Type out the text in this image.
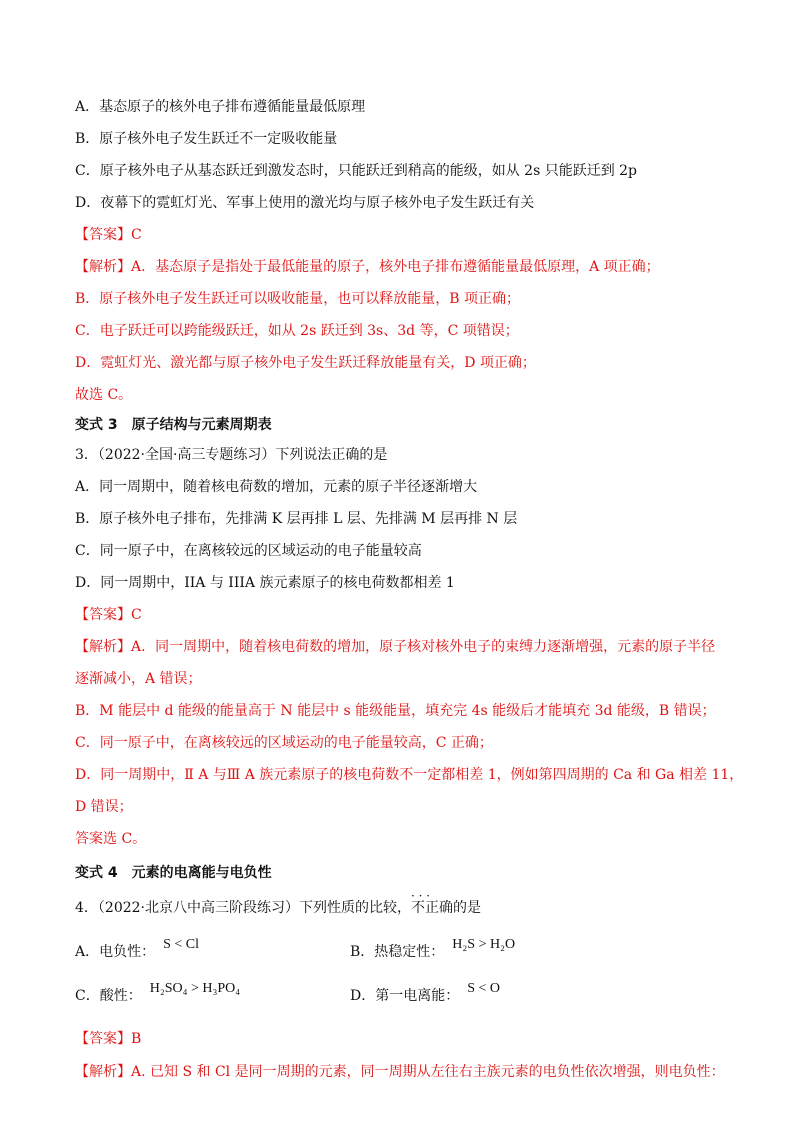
A．基态原子的核外电子排布遵循能量最低原理
B．原子核外电子发生跃迁不一定吸收能量
C．原子核外电子从基态跃迁到激发态时，只能跃迁到稍高的能级，如从 2s 只能跃迁到 2p
D．夜幕下的霓虹灯光、军事上使用的激光均与原子核外电子发生跃迁有关
【答案】C
【解析】A．基态原子是指处于最低能量的原子，核外电子排布遵循能量最低原理，A 项正确；
B．原子核外电子发生跃迁可以吸收能量，也可以释放能量，B 项正确；
C．电子跃迁可以跨能级跃迁，如从 2s 跃迁到 3s、3d 等，C 项错误；
D．霓虹灯光、激光都与原子核外电子发生跃迁释放能量有关，D 项正确；
故选 C。
变式 3　原子结构与元素周期表
3．（2022·全国·高三专题练习）下列说法正确的是
A．同一周期中，随着核电荷数的增加，元素的原子半径逐渐增大
B．原子核外电子排布，先排满 K 层再排 L 层、先排满 M 层再排 N 层
C．同一原子中，在离核较远的区域运动的电子能量较高
D．同一周期中，IIA 与 IIIA 族元素原子的核电荷数都相差 1
【答案】C
【解析】A．同一周期中，随着核电荷数的增加，原子核对核外电子的束缚力逐渐增强，元素的原子半径
逐渐减小，A 错误；
B．M 能层中 d 能级的能量高于 N 能层中 s 能级能量，填充完 4s 能级后才能填充 3d 能级，B 错误；
C．同一原子中，在离核较远的区域运动的电子能量较高，C 正确；
D．同一周期中，Ⅱ A 与Ⅲ A 族元素原子的核电荷数不一定都相差 1，例如第四周期的 Ca 和 Ga 相差 11，
D 错误；
答案选 C。
变式 4　元素的电离能与电负性
4．（2022·北京八中高三阶段练习）下列性质的比较，· · · 不正确的是
A．电负性： S < Cl	B．热稳定性： H₂S > H₂O
C．酸性： H₂SO₄ > H₃PO₄	D．第一电离能： S < O
【答案】B
【解析】A. 已知 S 和 Cl 是同一周期的元素，同一周期从左往右主族元素的电负性依次增强，则电负性：
